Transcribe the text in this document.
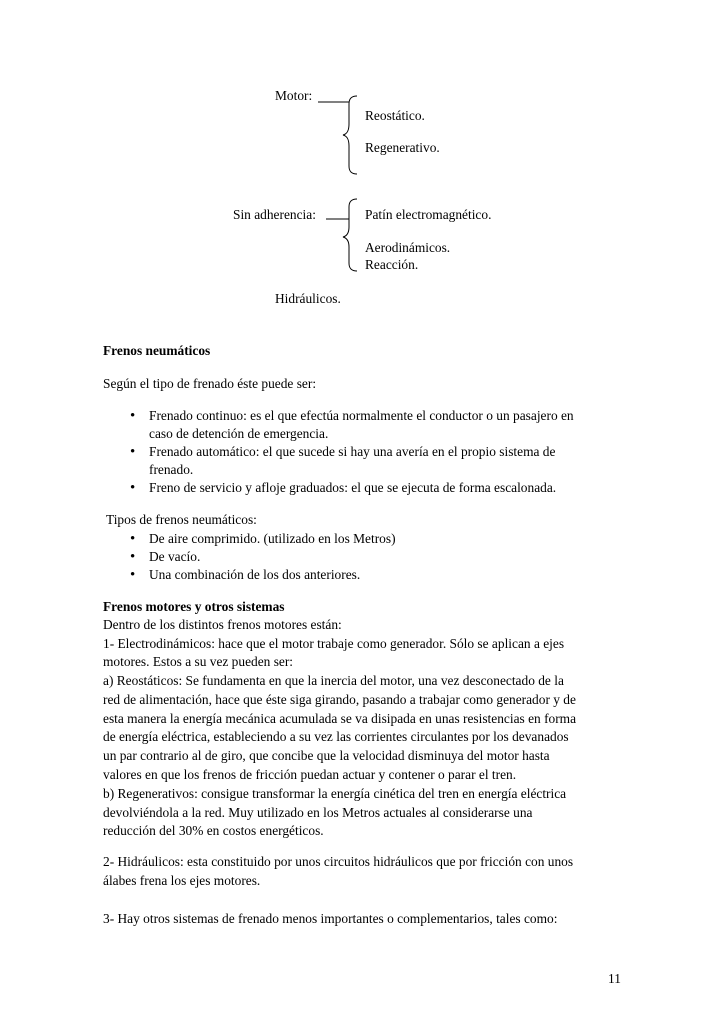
Motor:
Reostático.
Regenerativo.
Sin adherencia:	Patín electromagnético.
Aerodinámicos.
Reacción.
Hidráulicos.
Frenos neumáticos
Según el tipo de frenado éste puede ser:
• Frenado continuo: es el que efectúa normalmente el conductor o un pasajero en
caso de detención de emergencia.
• Frenado automático: el que sucede si hay una avería en el propio sistema de
frenado.
• Freno de servicio y afloje graduados: el que se ejecuta de forma escalonada.
Tipos de frenos neumáticos:
• De aire comprimido. (utilizado en los Metros)
• De vacío.
• Una combinación de los dos anteriores.
Frenos motores y otros sistemas
Dentro de los distintos frenos motores están:
1- Electrodinámicos: hace que el motor trabaje como generador. Sólo se aplican a ejes
motores. Estos a su vez pueden ser:
a) Reostáticos: Se fundamenta en que la inercia del motor, una vez desconectado de la
red de alimentación, hace que éste siga girando, pasando a trabajar como generador y de
esta manera la energía mecánica acumulada se va disipada en unas resistencias en forma
de energía eléctrica, estableciendo a su vez las corrientes circulantes por los devanados
un par contrario al de giro, que concibe que la velocidad disminuya del motor hasta
valores en que los frenos de fricción puedan actuar y contener o parar el tren.
b) Regenerativos: consigue transformar la energía cinética del tren en energía eléctrica
devolviéndola a la red. Muy utilizado en los Metros actuales al considerarse una
reducción del 30% en costos energéticos.
2- Hidráulicos: esta constituido por unos circuitos hidráulicos que por fricción con unos
álabes frena los ejes motores.
3- Hay otros sistemas de frenado menos importantes o complementarios, tales como:
11
